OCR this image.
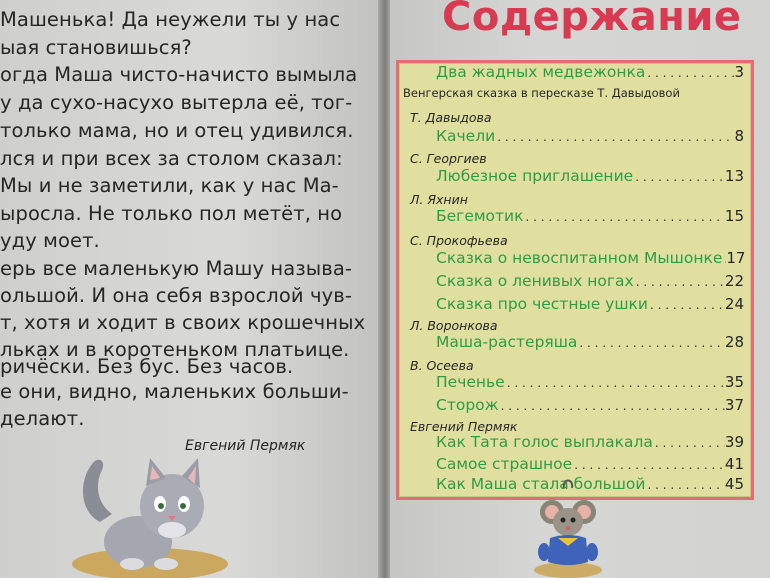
Машенька! Да неужели ты у нас
ыая становишься?
огда Маша чисто-начисто вымыла
у да сухо-насухо вытерла её, тог-
только мама, но и отец удивился.
лся и при всех за столом сказал:
Мы и не заметили, как у нас Ма-
ыросла. Не только пол метёт, но
уду моет.
ерь все маленькую Машу называ-
ольшой. И она себя взрослой чув-
т, хотя и ходит в своих крошечных
льках и в коротеньком платьице.
ричёски. Без бус. Без часов.
е они, видно, маленьких больши-
делают.
Евгений Пермяк
Содержание
Два жадных медвежонка . . .	3
Венгерская сказка в пересказе Т. Давыдовой
Т. Давыдова
Качели . . .	8
С. Георгиев
Любезное приглашение . . .	13
Л. Яхнин
Бегемотик . . .	15
С. Прокофьева
Сказка о невоспитанном Мышонке . . . 17
Сказка о ленивых ногах . . .	22
Сказка про честные ушки . . .	24
Л. Воронкова
Маша-растеряша . . .	28
В. Осеева
Печенье . . .	35
Сторож . . .	37
Евгений Пермяк
Как Тата голос выплакала . . .	39
Самое страшное . . .	41
Как Маша стала большой . . .	45
